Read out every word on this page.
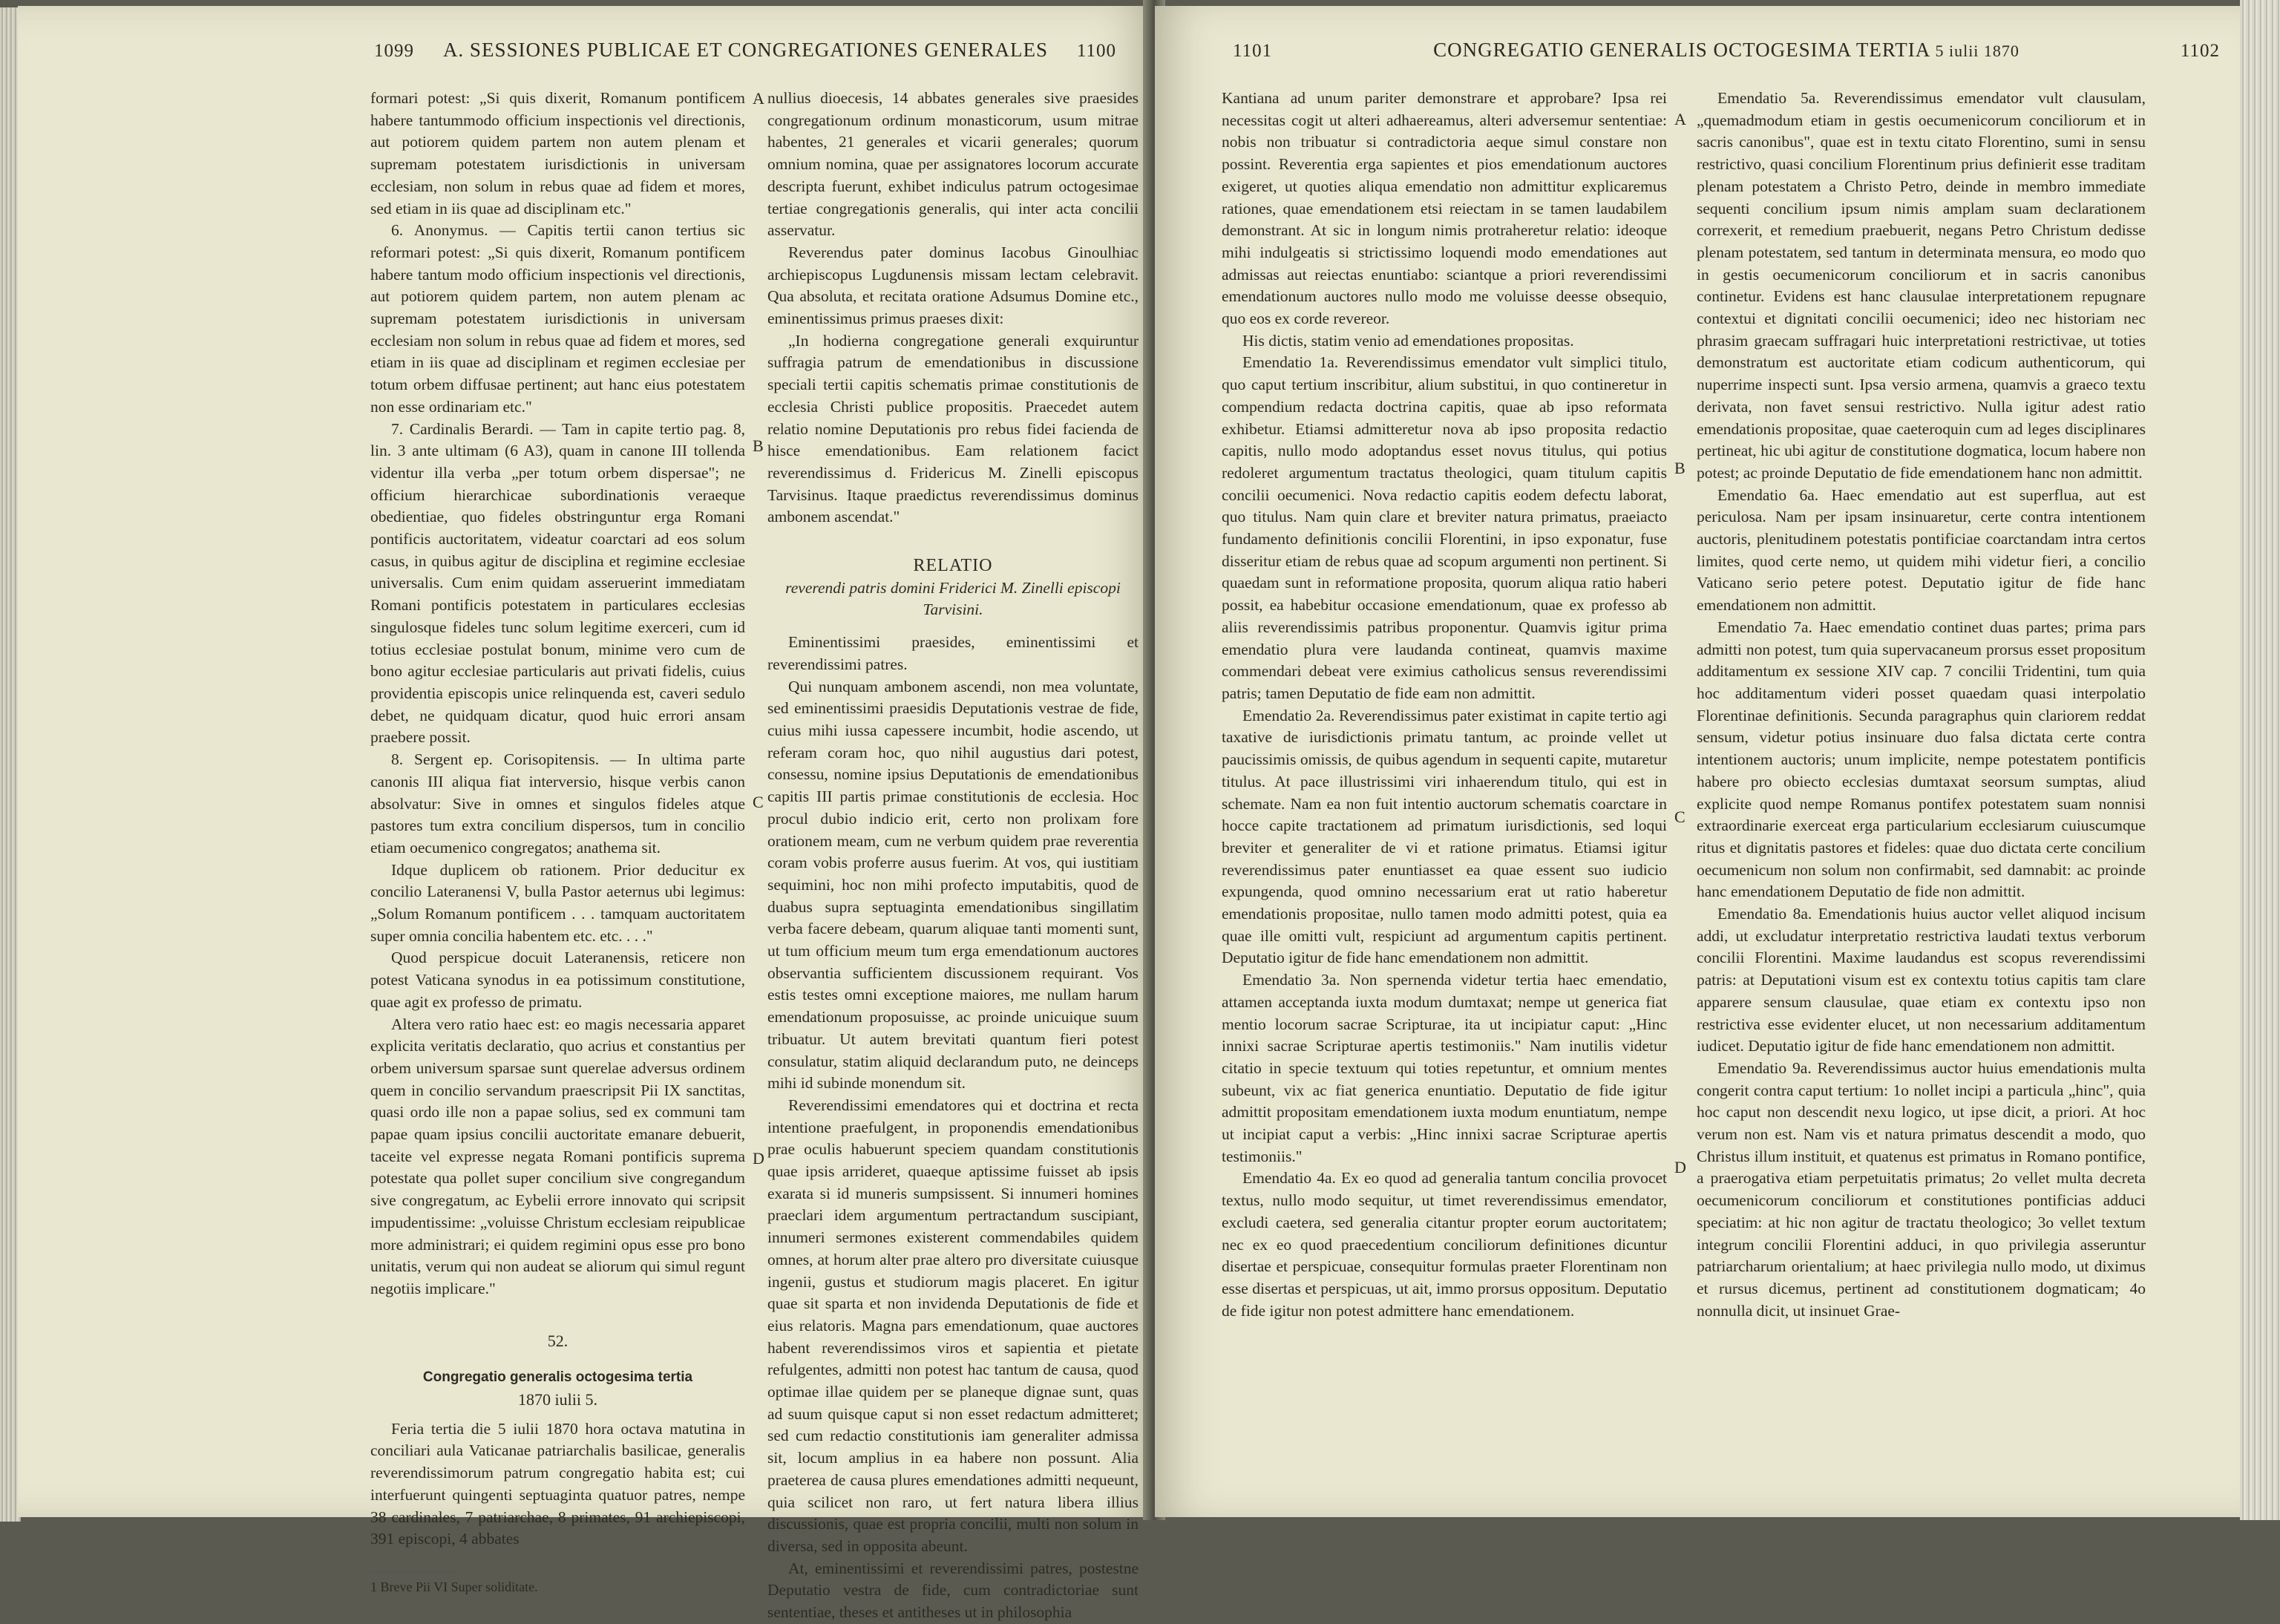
1099 A. SESSIONES PUBLICAE ET CONGREGATIONES GENERALES 1100

formari potest: „Si quis dixerit, Romanum pontificem habere tantummodo officium inspectionis vel directionis, aut potiorem quidem partem non autem plenam et supremam potestatem iurisdictionis in universam ecclesiam, non solum in rebus quae ad fidem et mores, sed etiam in iis quae ad disciplinam etc."

6. Anonymus. — Capitis tertii canon tertius sic reformari potest: „Si quis dixerit, Romanum pontificem habere tantum modo officium inspectionis vel directionis, aut potiorem quidem partem, non autem plenam ac supremam potestatem iurisdictionis in universam ecclesiam non solum in rebus quae ad fidem et mores, sed etiam in iis quae ad disciplinam et regimen ecclesiae per totum orbem diffusae pertinent; aut hanc eius potestatem non esse ordinariam etc."

7. Cardinalis Berardi. — Tam in capite tertio pag. 8, lin. 3 ante ultimam (6 A3), quam in canone III tollenda videntur illa verba „per totum orbem dispersae"; ne officium hierarchicae subordinationis veraeque obedientiae, quo fideles obstringuntur erga Romani pontificis auctoritatem, videatur coarctari ad eos solum casus, in quibus agitur de disciplina et regimine ecclesiae universalis. Cum enim quidam asseruerint immediatam Romani pontificis potestatem in particulares ecclesias singulosque fideles tunc solum legitime exerceri, cum id totius ecclesiae postulat bonum, minime vero cum de bono agitur ecclesiae particularis aut privati fidelis, cuius providentia episcopis unice relinquenda est, caveri sedulo debet, ne quidquam dicatur, quod huic errori ansam praebere possit.

8. Sergent ep. Corisopitensis. — In ultima parte canonis III aliqua fiat interversio, hisque verbis canon absolvatur: Sive in omnes et singulos fideles atque pastores tum extra concilium dispersos, tum in concilio etiam oecumenico congregatos; anathema sit.

Idque duplicem ob rationem. Prior deducitur ex concilio Lateranensi V, bulla Pastor aeternus ubi legimus: „Solum Romanum pontificem . . . tamquam auctoritatem super omnia concilia habentem etc. etc. . . ."

Quod perspicue docuit Lateranensis, reticere non potest Vaticana synodus in ea potissimum constitutione, quae agit ex professo de primatu.

Altera vero ratio haec est: eo magis necessaria apparet explicita veritatis declaratio, quo acrius et constantius per orbem universum sparsae sunt querelae adversus ordinem quem in concilio servandum praescripsit Pii IX sanctitas, quasi ordo ille non a papae solius, sed ex communi tam papae quam ipsius concilii auctoritate emanare debuerit, taceite vel expresse negata Romani pontificis suprema potestate qua pollet super concilium sive congregandum sive congregatum, ac Eybelii errore innovato qui scripsit impudentissime: „voluisse Christum ecclesiam reipublicae more administrari; ei quidem regimini opus esse pro bono unitatis, verum qui non audeat se aliorum qui simul regunt negotiis implicare."

52.
Congregatio generalis octogesima tertia
1870 iulii 5.

Feria tertia die 5 iulii 1870 hora octava matutina in conciliari aula Vaticanae patriarchalis basilicae, generalis reverendissimorum patrum congregatio habita est; cui interfuerunt quingenti septuaginta quatuor patres, nempe 38 cardinales, 7 patriarchae, 8 primates, 91 archiepiscopi, 391 episcopi, 4 abbates

1 Breve Pii VI Super soliditate.

nullius dioecesis, 14 abbates generales sive praesides congregationum ordinum monasticorum, usum mitrae habentes, 21 generales et vicarii generales; quorum omnium nomina, quae per assignatores locorum accurate descripta fuerunt, exhibet indiculus patrum octogesimae tertiae congregationis generalis, qui inter acta concilii asservatur.

Reverendus pater dominus Iacobus Ginoulhiac archiepiscopus Lugdunensis missam lectam celebravit. Qua absoluta, et recitata oratione Adsumus Domine etc., eminentissimus primus praeses dixit:

„In hodierna congregatione generali exquiruntur suffragia patrum de emendationibus in discussione speciali tertii capitis schematis primae constitutionis de ecclesia Christi publice propositis. Praecedet autem relatio nomine Deputationis pro rebus fidei facienda de hisce emendationibus. Eam relationem facict reverendissimus d. Fridericus M. Zinelli episcopus Tarvisinus. Itaque praedictus reverendissimus dominus ambonem ascendat."

RELATIO
reverendi patris domini Friderici M. Zinelli episcopi Tarvisini.

Eminentissimi praesides, eminentissimi et reverendissimi patres.

Qui nunquam ambonem ascendi, non mea voluntate, sed eminentissimi praesidis Deputationis vestrae de fide, cuius mihi iussa capessere incumbit, hodie ascendo, ut referam coram hoc, quo nihil augustius dari potest, consessu, nomine ipsius Deputationis de emendationibus capitis III partis primae constitutionis de ecclesia. Hoc procul dubio indicio erit, certo non prolixam fore orationem meam, cum ne verbum quidem prae reverentia coram vobis proferre ausus fuerim. At vos, qui iustitiam sequimini, hoc non mihi profecto imputabitis, quod de duabus supra septuaginta emendationibus singillatim verba facere debeam, quarum aliquae tanti momenti sunt, ut tum officium meum tum erga emendationum auctores observantia sufficientem discussionem requirant. Vos estis testes omni exceptione maiores, me nullam harum emendationum proposuisse, ac proinde unicuique suum tribuatur. Ut autem brevitati quantum fieri potest consulatur, statim aliquid declarandum puto, ne deinceps mihi id subinde monendum sit.

Reverendissimi emendatores qui et doctrina et recta intentione praefulgent, in proponendis emendationibus prae oculis habuerunt speciem quandam constitutionis quae ipsis arrideret, quaeque aptissime fuisset ab ipsis exarata si id muneris sumpsissent. Si innumeri homines praeclari idem argumentum pertractandum suscipiant, innumeri sermones existerent commendabiles quidem omnes, at horum alter prae altero pro diversitate cuiusque ingenii, gustus et studiorum magis placeret. En igitur quae sit sparta et non invidenda Deputationis de fide et eius relatoris. Magna pars emendationum, quae auctores habent reverendissimos viros et sapientia et pietate refulgentes, admitti non potest hac tantum de causa, quod optimae illae quidem per se planeque dignae sunt, quas ad suum quisque caput si non esset redactum admitteret; sed cum redactio constitutionis iam generaliter admissa sit, locum amplius in ea habere non possunt. Alia praeterea de causa plures emendationes admitti nequeunt, quia scilicet non raro, ut fert natura libera illius discussionis, quae est propria concilii, multi non solum in diversa, sed in opposita abeunt.

At, eminentissimi et reverendissimi patres, postestne Deputatio vestra de fide, cum contradictoriae sunt sententiae, theses et antitheses ut in philosophia

A
B
C
D
1101	CONGREGATIO GENERALIS OCTOGESIMA TERTIA 5 iulii 1870	1102

Kantiana ad unum pariter demonstrare et approbare? Ipsa rei necessitas cogit ut alteri adhaereamus, alteri adversemur sententiae: nobis non tribuatur si contradictoria aeque simul constare non possint. Reverentia erga sapientes et pios emendationum auctores exigeret, ut quoties aliqua emendatio non admittitur explicaremus rationes, quae emendationem etsi reiectam in se tamen laudabilem demonstrant. At sic in longum nimis protraheretur relatio: ideoque mihi indulgeatis si strictissimo loquendi modo emendationes aut admissas aut reiectas enuntiabo: sciantque a priori reverendissimi emendationum auctores nullo modo me voluisse deesse obsequio, quo eos ex corde revereor.

His dictis, statim venio ad emendationes propositas.

Emendatio 1a. Reverendissimus emendator vult simplici titulo, quo caput tertium inscribitur, alium substitui, in quo contineretur in compendium redacta doctrina capitis, quae ab ipso reformata exhibetur. Etiamsi admitteretur nova ab ipso proposita redactio capitis, nullo modo adoptandus esset novus titulus, qui potius redoleret argumentum tractatus theologici, quam titulum capitis concilii oecumenici. Nova redactio capitis eodem defectu laborat, quo titulus. Nam quin clare et breviter natura primatus, praeiacto fundamento definitionis concilii Florentini, in ipso exponatur, fuse disseritur etiam de rebus quae ad scopum argumenti non pertinent. Si quaedam sunt in reformatione proposita, quorum aliqua ratio haberi possit, ea habebitur occasione emendationum, quae ex professo ab aliis reverendissimis patribus proponentur. Quamvis igitur prima emendatio plura vere laudanda contineat, quamvis maxime commendari debeat vere eximius catholicus sensus reverendissimi patris; tamen Deputatio de fide eam non admittit.

Emendatio 2a. Reverendissimus pater existimat in capite tertio agi taxative de iurisdictionis primatu tantum, ac proinde vellet ut paucissimis omissis, de quibus agendum in sequenti capite, mutaretur titulus. At pace illustrissimi viri inhaerendum titulo, qui est in schemate. Nam ea non fuit intentio auctorum schematis coarctare in hocce capite tractationem ad primatum iurisdictionis, sed loqui breviter et generaliter de vi et ratione primatus. Etiamsi igitur reverendissimus pater enuntiasset ea quae essent suo iudicio expungenda, quod omnino necessarium erat ut ratio haberetur emendationis propositae, nullo tamen modo admitti potest, quia ea quae ille omitti vult, respiciunt ad argumentum capitis pertinent. Deputatio igitur de fide hanc emendationem non admittit.

Emendatio 3a. Non spernenda videtur tertia haec emendatio, attamen acceptanda iuxta modum dumtaxat; nempe ut generica fiat mentio locorum sacrae Scripturae, ita ut incipiatur caput: „Hinc innixi sacrae Scripturae apertis testimoniis." Nam inutilis videtur citatio in specie textuum qui toties repetuntur, et omnium mentes subeunt, vix ac fiat generica enuntiatio. Deputatio de fide igitur admittit propositam emendationem iuxta modum enuntiatum, nempe ut incipiat caput a verbis: „Hinc innixi sacrae Scripturae apertis testimoniis."

Emendatio 4a. Ex eo quod ad generalia tantum concilia provocet textus, nullo modo sequitur, ut timet reverendissimus emendator, excludi caetera, sed generalia citantur propter eorum auctoritatem; nec ex eo quod praecedentium conciliorum definitiones dicuntur disertae et perspicuae, consequitur formulas praeter Florentinam non esse disertas et perspicuas, ut ait, immo prorsus oppositum. Deputatio de fide igitur non potest admittere hanc emendationem.

Emendatio 5a. Reverendissimus emendator vult clausulam, „quemadmodum etiam in gestis oecumenicorum conciliorum et in sacris canonibus", quae est in textu citato Florentino, sumi in sensu restrictivo, quasi concilium Florentinum prius definierit esse traditam plenam potestatem a Christo Petro, deinde in membro immediate sequenti concilium ipsum nimis amplam suam declarationem correxerit, et remedium praebuerit, negans Petro Christum dedisse plenam potestatem, sed tantum in determinata mensura, eo modo quo in gestis oecumenicorum conciliorum et in sacris canonibus continetur. Evidens est hanc clausulae interpretationem repugnare contextui et dignitati concilii oecumenici; ideo nec historiam nec phrasim graecam suffragari huic interpretationi restrictivae, ut toties demonstratum est auctoritate etiam codicum authenticorum, qui nuperrime inspecti sunt. Ipsa versio armena, quamvis a graeco textu derivata, non favet sensui restrictivo. Nulla igitur adest ratio emendationis propositae, quae caeteroquin cum ad leges disciplinares pertineat, hic ubi agitur de constitutione dogmatica, locum habere non potest; ac proinde Deputatio de fide emendationem hanc non admittit.

Emendatio 6a. Haec emendatio aut est superflua, aut est periculosa. Nam per ipsam insinuaretur, certe contra intentionem auctoris, plenitudinem potestatis pontificiae coarctandam intra certos limites, quod certe nemo, ut quidem mihi videtur fieri, a concilio Vaticano serio petere potest. Deputatio igitur de fide hanc emendationem non admittit.

Emendatio 7a. Haec emendatio continet duas partes; prima pars admitti non potest, tum quia supervacaneum prorsus esset propositum additamentum ex sessione XIV cap. 7 concilii Tridentini, tum quia hoc additamentum videri posset quaedam quasi interpolatio Florentinae definitionis. Secunda paragraphus quin clariorem reddat sensum, videtur potius insinuare duo falsa dictata certe contra intentionem auctoris; unum implicite, nempe potestatem pontificis habere pro obiecto ecclesias dumtaxat seorsum sumptas, aliud explicite quod nempe Romanus pontifex potestatem suam nonnisi extraordinarie exerceat erga particularium ecclesiarum cuiuscumque ritus et dignitatis pastores et fideles: quae duo dictata certe concilium oecumenicum non solum non confirmabit, sed damnabit: ac proinde hanc emendationem Deputatio de fide non admittit.

Emendatio 8a. Emendationis huius auctor vellet aliquod incisum addi, ut excludatur interpretatio restrictiva laudati textus verborum concilii Florentini. Maxime laudandus est scopus reverendissimi patris: at Deputationi visum est ex contextu totius capitis tam clare apparere sensum clausulae, quae etiam ex contextu ipso non restrictiva esse evidenter elucet, ut non necessarium additamentum iudicet. Deputatio igitur de fide hanc emendationem non admittit.

Emendatio 9a. Reverendissimus auctor huius emendationis multa congerit contra caput tertium: 1o nollet incipi a particula „hinc", quia hoc caput non descendit nexu logico, ut ipse dicit, a priori. At hoc verum non est. Nam vis et natura primatus descendit a modo, quo Christus illum instituit, et quatenus est primatus in Romano pontifice, a praerogativa etiam perpetuitatis primatus; 2o vellet multa decreta oecumenicorum conciliorum et constitutiones pontificias adduci speciatim: at hic non agitur de tractatu theologico; 3o vellet textum integrum concilii Florentini adduci, in quo privilegia asseruntur patriarcharum orientalium; at haec privilegia nullo modo, ut diximus et rursus dicemus, pertinent ad constitutionem dogmaticam; 4o nonnulla dicit, ut insinuet Grae-

A
B
C
D
